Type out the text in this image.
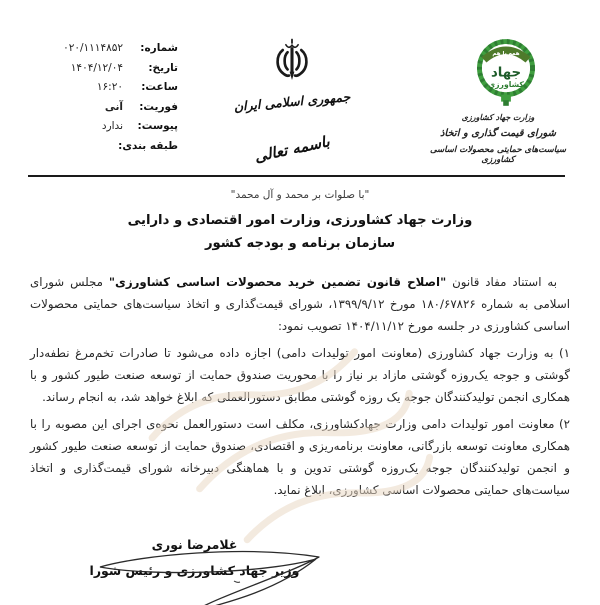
شماره:
۰۲۰/۱۱۱۴۸۵۲
تاریخ:
۱۴۰۴/۱۲/۰۴
ساعت:
۱۶:۲۰
فوریت:
آنی
پیوست:
ندارد
طبقه بندی:
جمهوری اسلامی ایران
باسمه تعالی
همه با هم
جهاد
کشاورزی
وزارت جهاد کشاورزی
شورای قیمت گذاری و اتخاذ
سیاست‌های حمایتی محصولات اساسی کشاورزی
"با صلوات بر محمد و آل محمد"
وزارت جهاد کشاورزی، وزارت امور اقتصادی و دارایی
سازمان برنامه و بودجه کشور

به استناد مفاد قانون "اصلاح قانون تضمین خرید محصولات اساسی کشاورزی" مجلس شورای اسلامی به شماره ۱۸۰/۶۷۸۲۶ مورخ ۱۳۹۹/۹/۱۲، شورای قیمت‌گذاری و اتخاذ سیاست‌های حمایتی محصولات اساسی کشاورزی در جلسه مورخ ۱۴۰۴/۱۱/۱۲ تصویب نمود:

۱) به وزارت جهاد کشاورزی (معاونت امور تولیدات دامی) اجازه داده می‌شود تا صادرات تخم‌مرغ نطفه‌دار گوشتی و جوجه یک‌روزه گوشتی مازاد بر نیاز را با محوریت صندوق حمایت از توسعه صنعت طیور کشور و با همکاری انجمن تولیدکنندگان جوجه یک روزه گوشتی مطابق دستورالعملی که ابلاغ خواهد شد، به انجام رساند.

۲) معاونت امور تولیدات دامی وزارت جهادکشاورزی، مکلف است دستورالعمل نحوه‌ی اجرای این مصوبه را با همکاری معاونت توسعه بازرگانی، معاونت برنامه‌ریزی و اقتصادی، صندوق حمایت از توسعه صنعت طیور کشور و انجمن تولیدکنندگان جوجه یک‌روزه گوشتی تدوین و با هماهنگی دبیرخانه شورای قیمت‌گذاری و اتخاذ سیاست‌های حمایتی محصولات اساسی کشاورزی، ابلاغ نماید.

غلامرضا نوری
وزیر جهاد کشاورزی و رئیس شورا
